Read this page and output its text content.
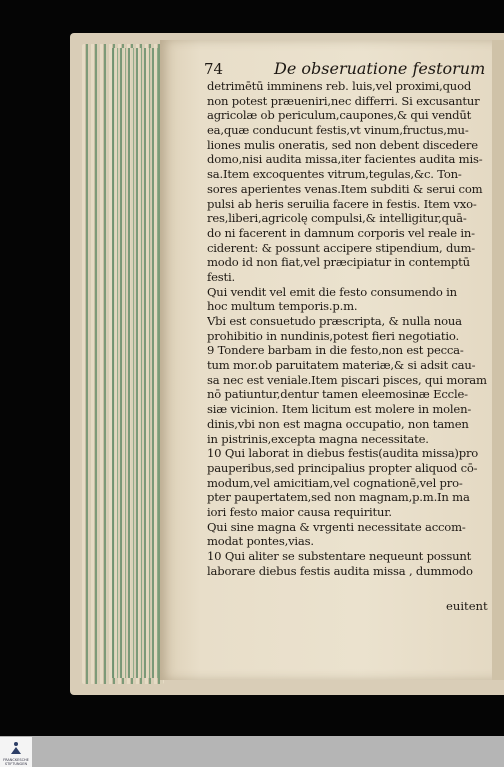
74	De obseruatione festorum
detrimētū imminens reb. luis,vel proximi,quod
non potest præueniri,nec differri. Si excusantur
agricolæ ob periculum,caupones,& qui vendūt
ea,quæ conducunt festis,vt vinum,fructus,mu-
liones mulis oneratis, sed non debent discedere
domo,nisi audita missa,iter facientes audita mis-
sa.Item excoquentes vitrum,tegulas,&c. Ton-
sores aperientes venas.Item subditi & serui com
pulsi ab heris seruilia facere in festis. Item vxo-
res,liberi,agricolę compulsi,& intelligitur,quā-
do ni facerent in damnum corporis vel reale in-
ciderent: & possunt accipere stipendium, dum-
modo id non fiat,vel præcipiatur in contemptū
festi.
Qui vendit vel emit die festo consumendo in
hoc multum temporis.p.m.
Vbi est consuetudo præscripta, & nulla noua
prohibitio in nundinis,potest fieri negotiatio.
9 Tondere barbam in die festo,non est pecca-
tum mor.ob paruitatem materiæ,& si adsit cau-
sa nec est veniale.Item piscari pisces, qui moram
nō patiuntur,dentur tamen eleemosinæ Eccle-
siæ vicinion. Item licitum est molere in molen-
dinis,vbi non est magna occupatio, non tamen
in pistrinis,excepta magna necessitate.
10 Qui laborat in diebus festis(audita missa)pro
pauperibus,sed principalius propter aliquod cō-
modum,vel amicitiam,vel cognationē,vel pro-
pter paupertatem,sed non magnam,p.m.In ma
iori festo maior causa requiritur.
Qui sine magna & vrgenti necessitate accom-
modat pontes,vias.
10 Qui aliter se substentare nequeunt possunt
laborare diebus festis audita missa , dummodo
euitent
FRANCKESCHE
STIFTUNGEN
